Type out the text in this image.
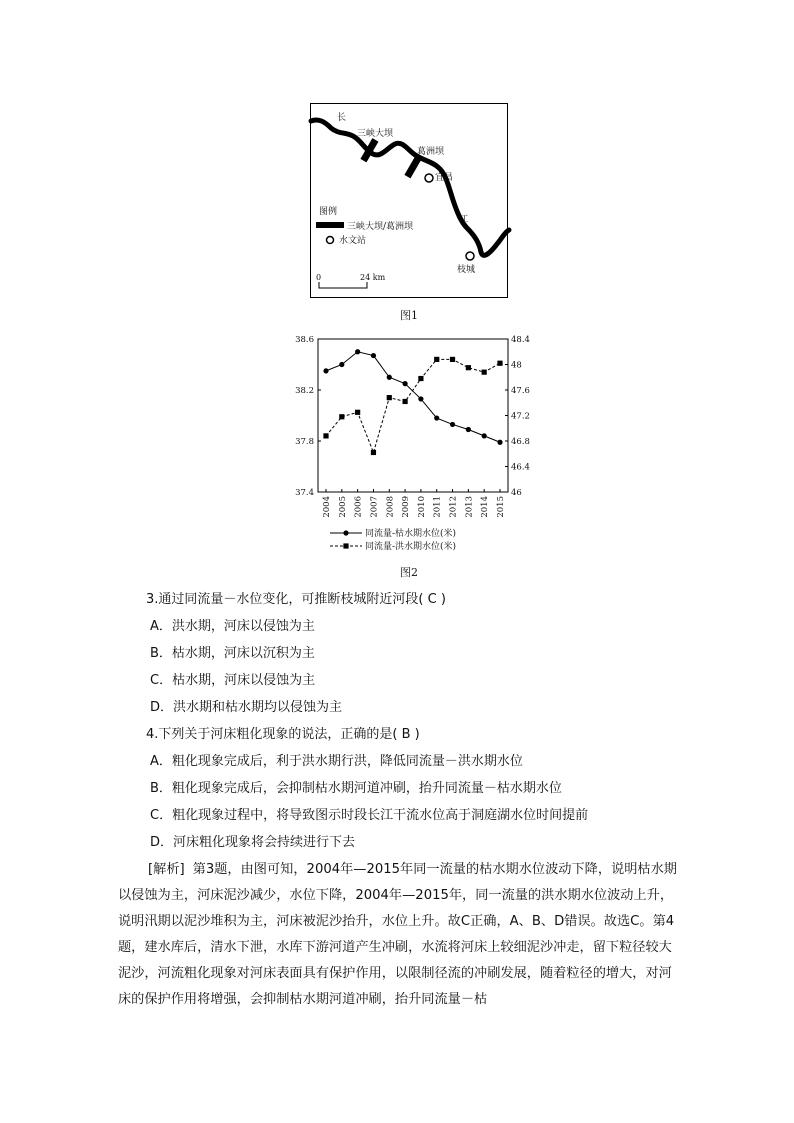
长
三峡大坝
葛洲坝
宜昌
江
枝城
图例
三峡大坝/葛洲坝
水文站
0	24 km
图1
37.4
37.8
38.2
38.6
46
46.4
46.8
47.2
47.6
48
48.4
2004 2005 2006 2007 2008 2009 2010 2011 2012 2013 2014 2015
同流量-枯水期水位(米)
同流量-洪水期水位(米)
图2
3.通过同流量－水位变化，可推断枝城附近河段( C )
A．洪水期，河床以侵蚀为主
B．枯水期，河床以沉积为主
C．枯水期，河床以侵蚀为主
D．洪水期和枯水期均以侵蚀为主
4.下列关于河床粗化现象的说法，正确的是( B )
A．粗化现象完成后，利于洪水期行洪，降低同流量－洪水期水位
B．粗化现象完成后，会抑制枯水期河道冲刷，抬升同流量－枯水期水位
C．粗化现象过程中，将导致图示时段长江干流水位高于洞庭湖水位时间提前
D．河床粗化现象将会持续进行下去

[解析] 第3题，由图可知，2004年—2015年同一流量的枯水期水位波动下降，说明枯水期以侵蚀为主，河床泥沙减少，水位下降，2004年—2015年，同一流量的洪水期水位波动上升，说明汛期以泥沙堆积为主，河床被泥沙抬升，水位上升。故C正确，A、B、D错误。故选C。第4题，建水库后，清水下泄，水库下游河道产生冲刷，水流将河床上较细泥沙冲走，留下粒径较大泥沙，河流粗化现象对河床表面具有保护作用，以限制径流的冲刷发展，随着粒径的增大，对河床的保护作用将增强，会抑制枯水期河道冲刷，抬升同流量－枯
